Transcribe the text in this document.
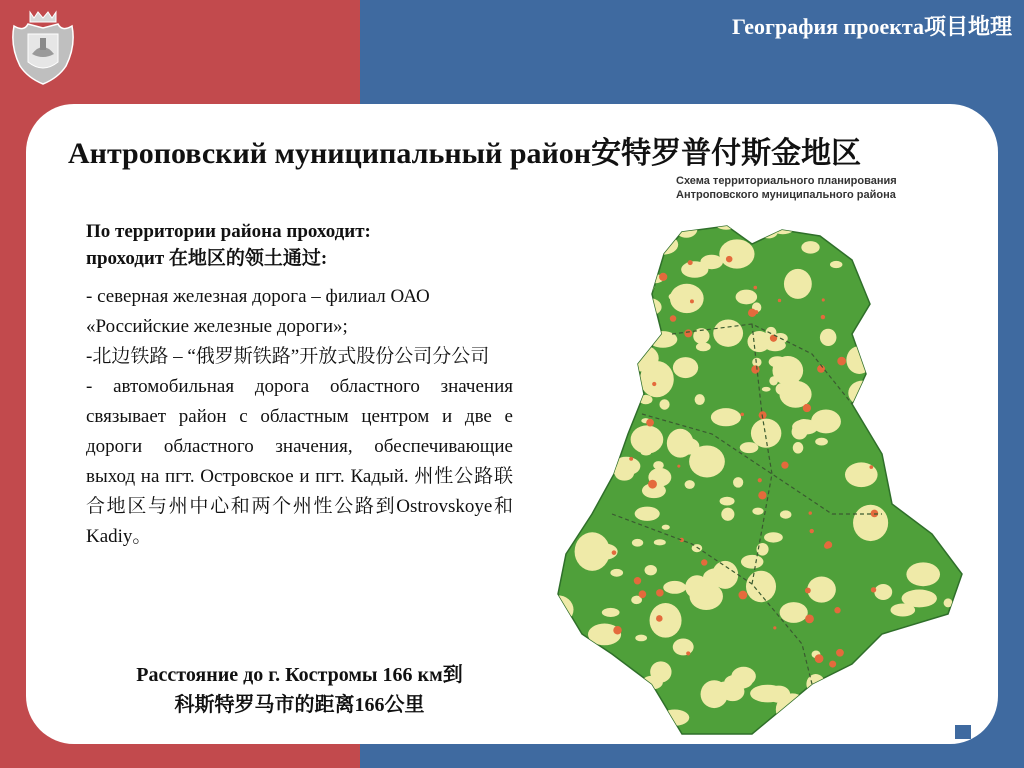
География проекта项目地理
Антроповский муниципальный район安特罗普付斯金地区
Схема территориального планирования
Антроповского муниципального района
По территории района проходит:
проходит 在地区的领土通过:

- северная железная дорога – филиал ОАО «Российские железные дороги»;

-北边铁路 – “俄罗斯铁路”开放式股份公司分公司

- автомобильная дорога областного значения связывает район с областным центром и две е дороги областного значения, обеспечивающие выход на пгт. Островское и пгт. Кадый. 州性公路联合地区与州中心和两个州性公路到Ostrovskoye和 Kadiy。

Расстояние до г. Костромы 166 км到
科斯特罗马市的距离166公里
